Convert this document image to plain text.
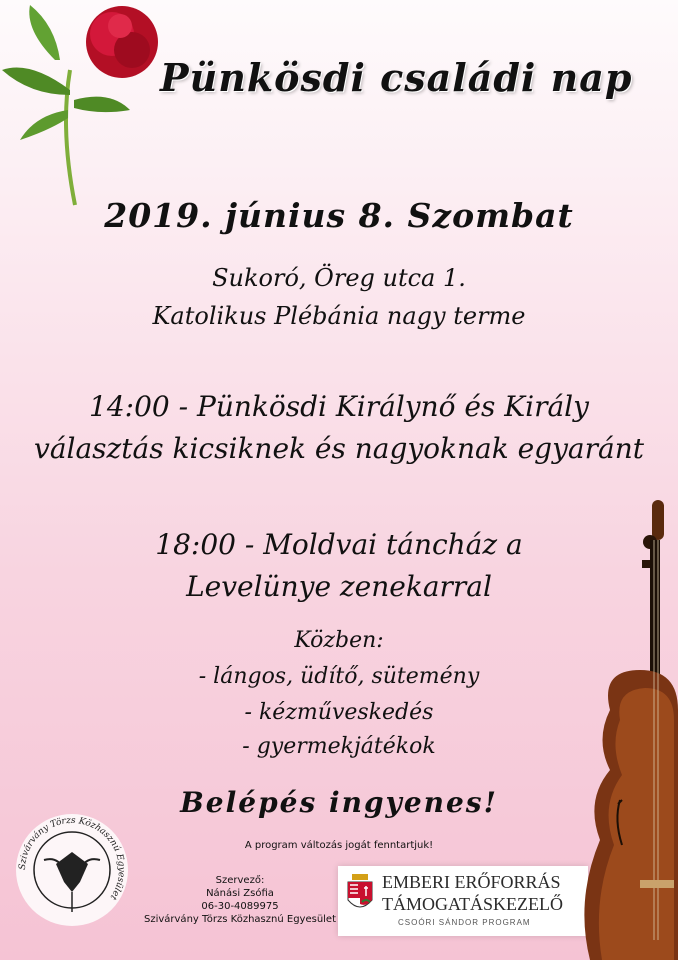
Pünkösdi családi nap
2019. június 8. Szombat
Sukoró, Öreg utca 1.
Katolikus Plébánia nagy terme
14:00 - Pünkösdi Királynő és Király
választás kicsiknek és nagyoknak egyaránt
18:00 - Moldvai táncház a
Levelünye zenekarral
Közben:
- lángos, üdítő, sütemény
- kézműveskedés
- gyermekjátékok
Belépés ingyenes!
A program változás jogát fenntartjuk!
Szervező:
Nánási Zsófia
06-30-4089975
Szivárvány Törzs Közhasznú Egyesület
Szivárvány Törzs Közhasznú Egyesület
EMBERI ERŐFORRÁS
TÁMOGATÁSKEZELŐ
CSOÓRI SÁNDOR PROGRAM
